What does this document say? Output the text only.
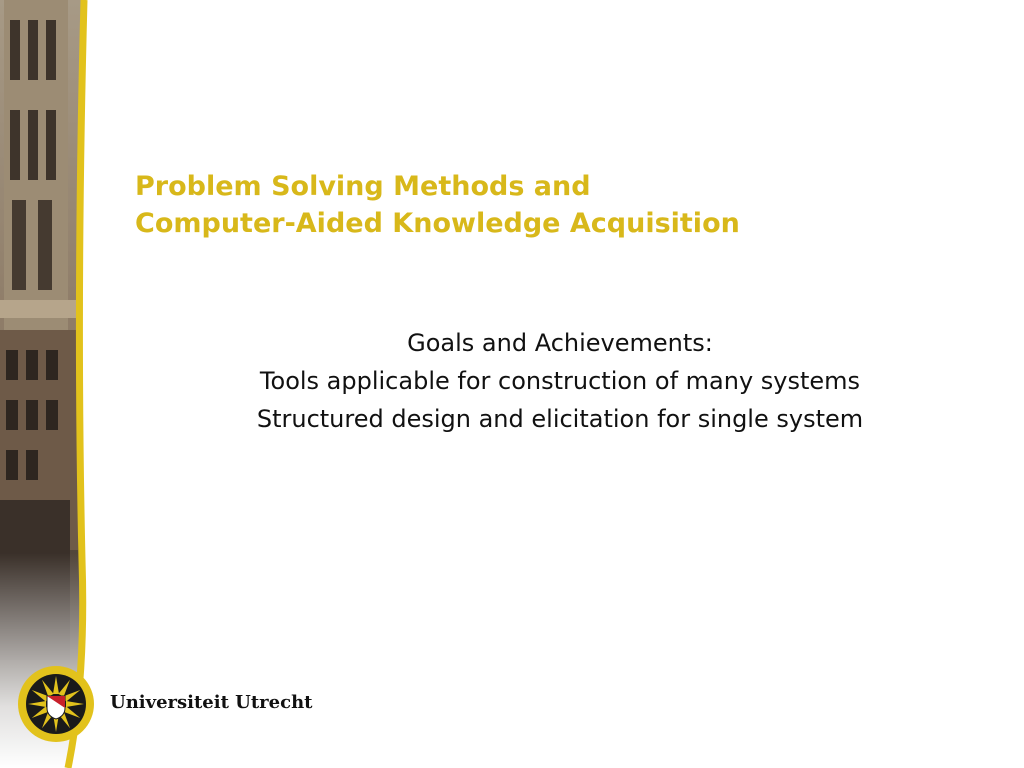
Problem Solving Methods and
Computer-Aided Knowledge Acquisition
Goals and Achievements:
Tools applicable for construction of many systems
Structured design and elicitation for single system
Universiteit Utrecht
